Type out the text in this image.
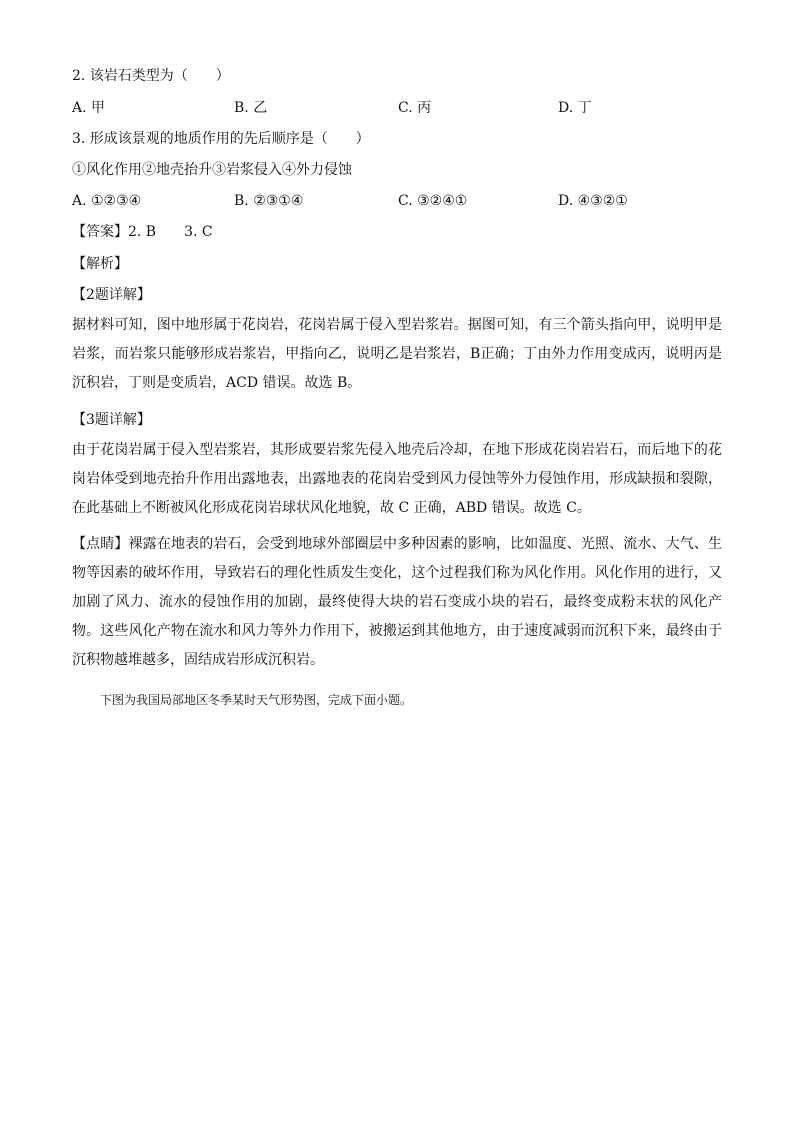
2. 该岩石类型为（　　）
A. 甲	B. 乙	C. 丙	D. 丁
3. 形成该景观的地质作用的先后顺序是（　　）
①风化作用②地壳抬升③岩浆侵入④外力侵蚀
A. ①②③④	B. ②③①④	C. ③②④①	D. ④③②①
【答案】2. B　　3. C
【解析】
【2题详解】
据材料可知，图中地形属于花岗岩，花岗岩属于侵入型岩浆岩。据图可知，有三个箭头指向甲，说明甲是岩浆，而岩浆只能够形成岩浆岩，甲指向乙，说明乙是岩浆岩，B正确；丁由外力作用变成丙，说明丙是沉积岩，丁则是变质岩，ACD 错误。故选 B。
【3题详解】
由于花岗岩属于侵入型岩浆岩，其形成要岩浆先侵入地壳后冷却，在地下形成花岗岩岩石，而后地下的花岗岩体受到地壳抬升作用出露地表，出露地表的花岗岩受到风力侵蚀等外力侵蚀作用，形成缺损和裂隙，在此基础上不断被风化形成花岗岩球状风化地貌，故 C 正确，ABD 错误。故选 C。
【点睛】裸露在地表的岩石，会受到地球外部圈层中多种因素的影响，比如温度、光照、流水、大气、生物等因素的破坏作用，导致岩石的理化性质发生变化，这个过程我们称为风化作用。风化作用的进行，又加剧了风力、流水的侵蚀作用的加剧，最终使得大块的岩石变成小块的岩石，最终变成粉末状的风化产物。这些风化产物在流水和风力等外力作用下，被搬运到其他地方，由于速度减弱而沉积下来，最终由于沉积物越堆越多，固结成岩形成沉积岩。
下图为我国局部地区冬季某时天气形势图，完成下面小题。
